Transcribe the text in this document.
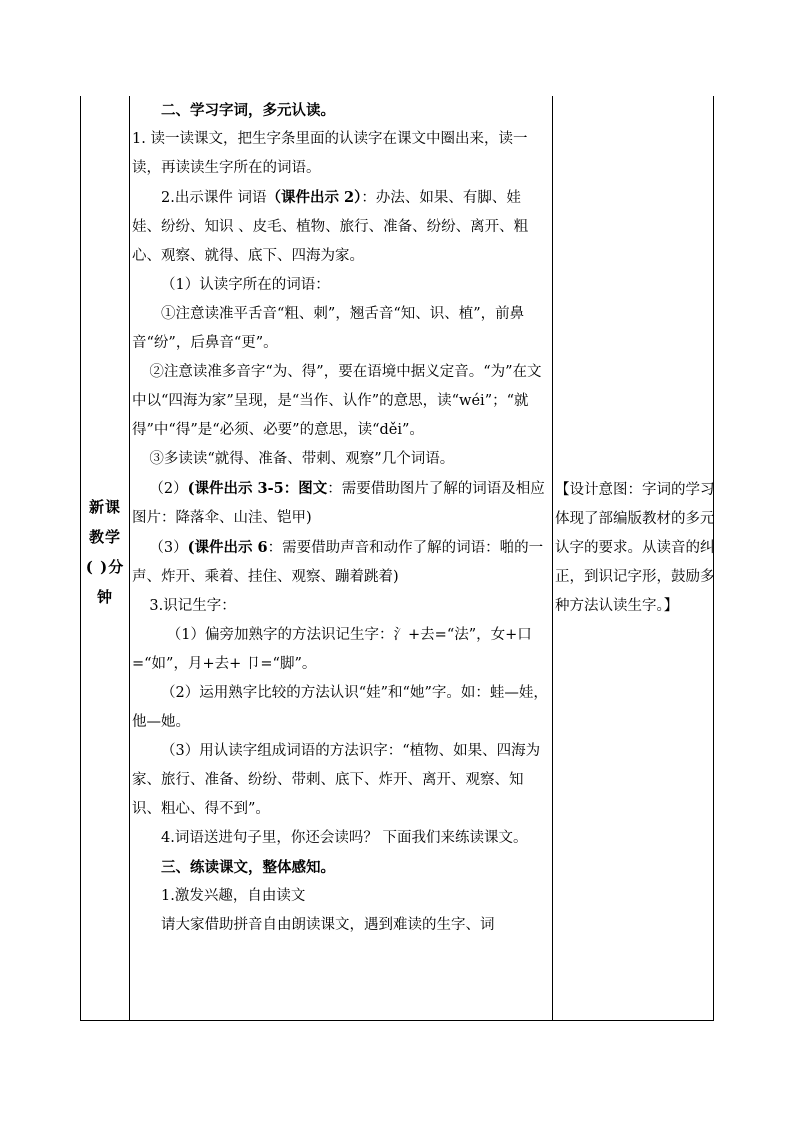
新课
教学
( )分
钟

二、学习字词，多元认读。

1. 读一读课文，把生字条里面的认读字在课文中圈出来，读一读，再读读生字所在的词语。

2.出示课件 词语（课件出示 2）：办法、如果、有脚、娃娃、纷纷、知识 、皮毛、植物、旅行、准备、纷纷、离开、粗心、观察、就得、底下、四海为家。

（1）认读字所在的词语：

①注意读准平舌音“粗、刺”，翘舌音“知、识、植”，前鼻音“纷”，后鼻音“更”。

②注意读准多音字“为、得”，要在语境中据义定音。“为”在文中以“四海为家”呈现，是“当作、认作”的意思，读“wéi”；“就得”中“得”是“必须、必要”的意思，读“děi”。

③多读读“就得、准备、带刺、观察”几个词语。

（2）(课件出示 3-5：图文：需要借助图片了解的词语及相应图片：降落伞、山洼、铠甲)

（3）(课件出示 6：需要借助声音和动作了解的词语：啪的一声、炸开、乘着、挂住、观察、蹦着跳着)

3.识记生字：

（1）偏旁加熟字的方法识记生字：氵+去=“法”，女+口=“如”，月+去+ 卩=“脚”。

（2）运用熟字比较的方法认识“娃”和“她”字。如：蛙—娃，他—她。

（3）用认读字组成词语的方法识字：“植物、如果、四海为家、旅行、准备、纷纷、带刺、底下、炸开、离开、观察、知识、粗心、得不到”。

4.词语送进句子里，你还会读吗？ 下面我们来练读课文。

三、练读课文，整体感知。

1.激发兴趣，自由读文

请大家借助拼音自由朗读课文，遇到难读的生字、词

【设计意图：字词的学习体现了部编版教材的多元认字的要求。从读音的纠正，到识记字形，鼓励多种方法认读生字。】
